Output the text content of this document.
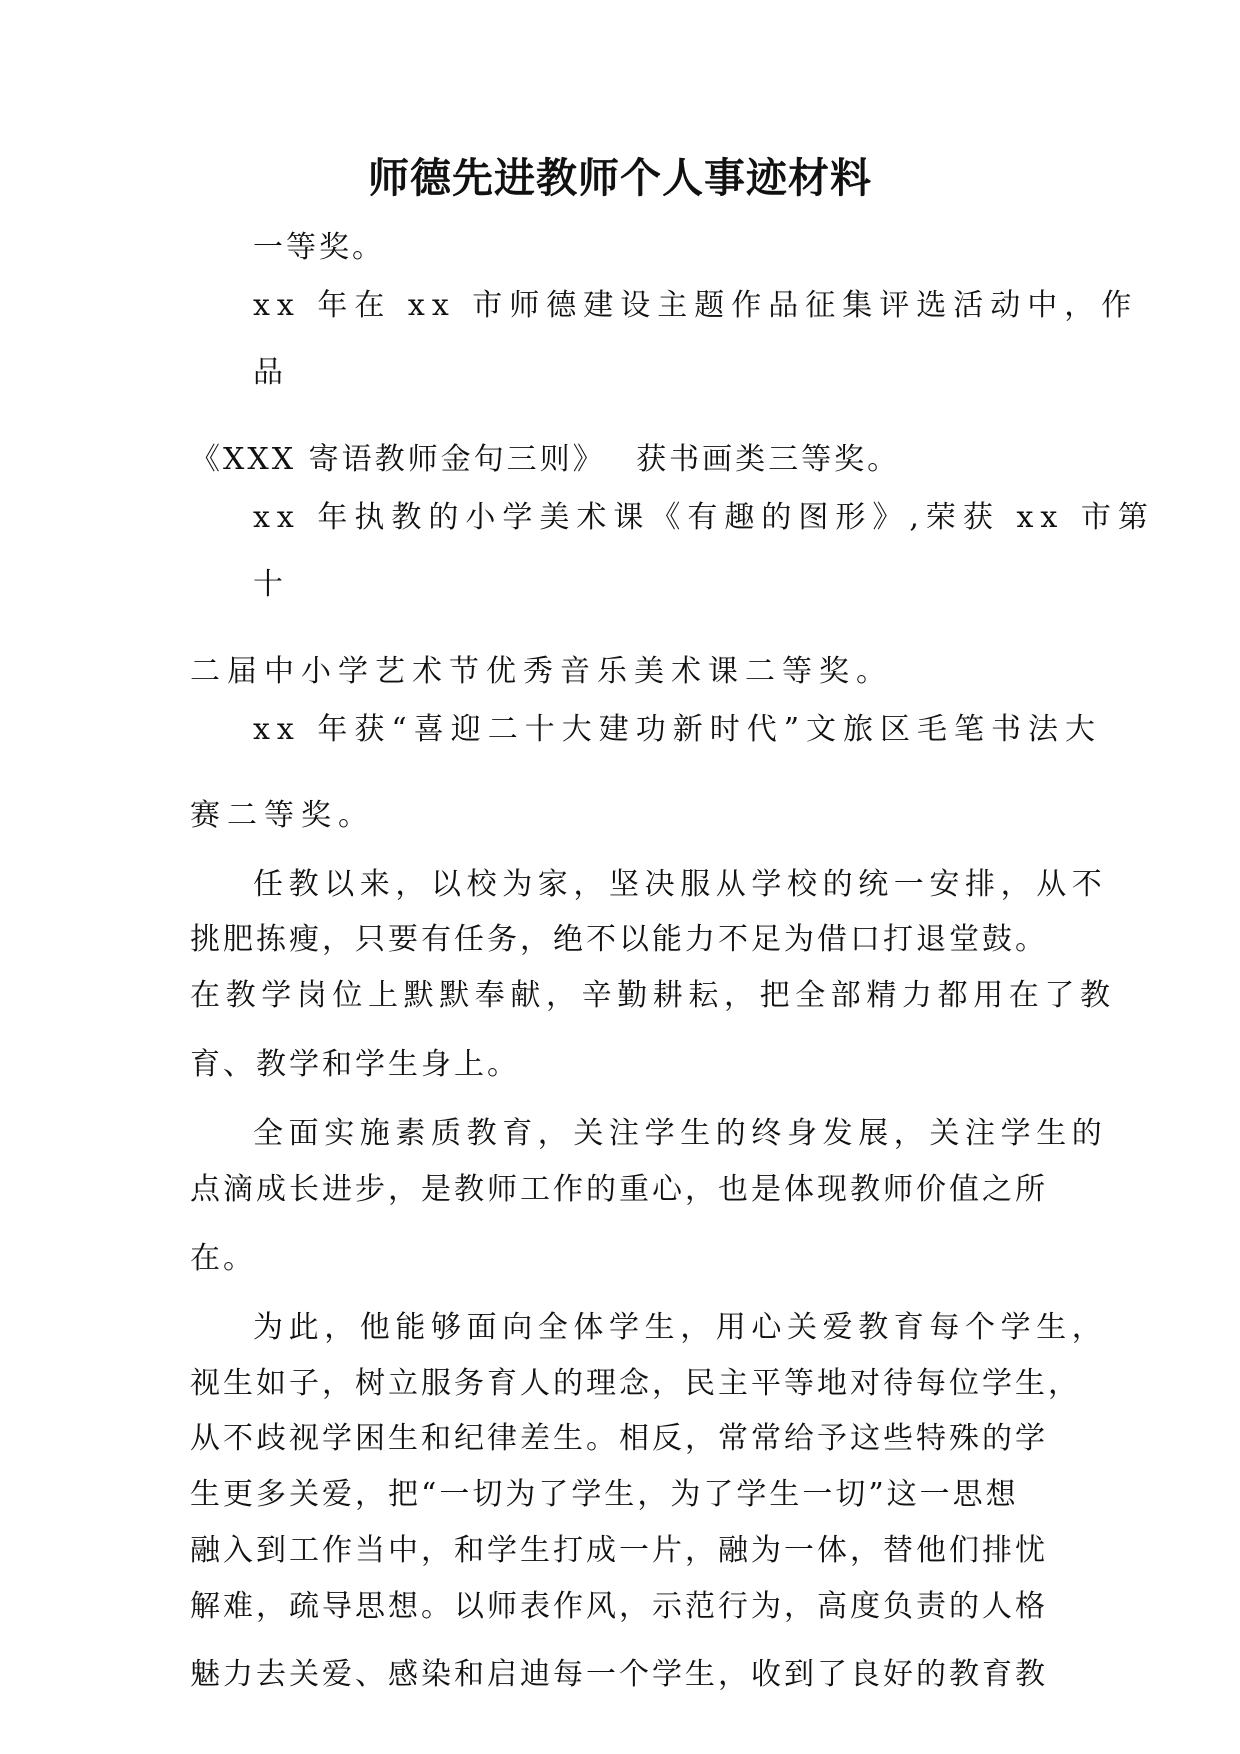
师德先进教师个人事迹材料
一等奖。
xx 年在 xx 市师德建设主题作品征集评选活动中，作
品
《XXX 寄语教师金句三则》　 获书画类三等奖。
xx 年执教的小学美术课《有趣的图形》,荣获 xx 市第
十
二届中小学艺术节优秀音乐美术课二等奖。
xx 年获“喜迎二十大建功新时代”文旅区毛笔书法大
赛二等奖。
任教以来，以校为家，坚决服从学校的统一安排，从不
挑肥拣瘦，只要有任务，绝不以能力不足为借口打退堂鼓。
在教学岗位上默默奉献，辛勤耕耘，把全部精力都用在了教
育、教学和学生身上。
全面实施素质教育，关注学生的终身发展，关注学生的
点滴成长进步，是教师工作的重心，也是体现教师价值之所
在。
为此，他能够面向全体学生，用心关爱教育每个学生，
视生如子，树立服务育人的理念，民主平等地对待每位学生，
从不歧视学困生和纪律差生。相反，常常给予这些特殊的学
生更多关爱，把“一切为了学生，为了学生一切”这一思想
融入到工作当中，和学生打成一片，融为一体，替他们排忧
解难，疏导思想。以师表作风，示范行为，高度负责的人格
魅力去关爱、感染和启迪每一个学生，收到了良好的教育教
